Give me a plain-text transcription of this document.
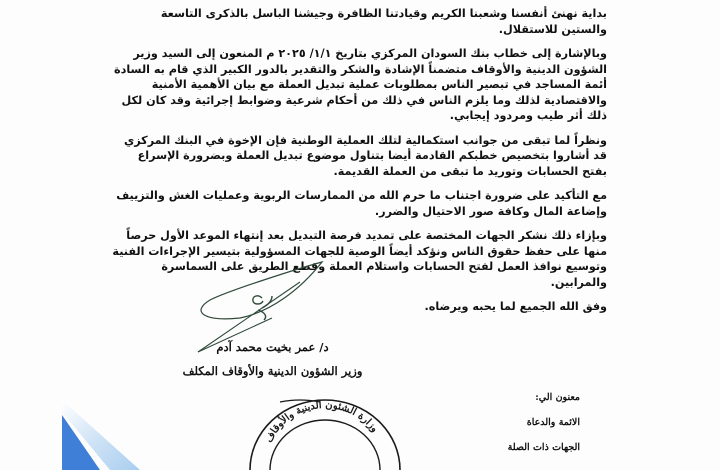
بداية نهنئ أنفسنا وشعبنا الكريم وقيادتنا الظافرة وجيشنا الباسل بالذكرى التاسعة والستين للاستقلال.

وبالإشارة إلى خطاب بنك السودان المركزي بتاريخ ١/١/ ٢٠٢٥ م المنعون إلى السيد وزير الشؤون الدينية والأوقاف متضمناً الإشادة والشكر والتقدير بالدور الكبير الذي قام به السادة أئمة المساجد في تبصير الناس بمطلوبات عملية تبديل العملة مع بيان الأهمية الأمنية والاقتصادية لذلك وما يلزم الناس في ذلك من أحكام شرعية وضوابط إجرائية وقد كان لكل ذلك أثر طيب ومردود إيجابي.

ونظراً لما تبقى من جوانب استكمالية لتلك العملية الوطنية فإن الإخوة في البنك المركزي قد أشاروا بتخصيص خطبكم القادمة أيضا بتناول موضوع تبديل العملة وبضرورة الإسراع بفتح الحسابات وتوريد ما تبقى من العملة القديمة.

مع التأكيد على ضرورة اجتناب ما حرم الله من الممارسات الربوية وعمليات الغش والتزييف وإضاعة المال وكافة صور الاحتيال والضرر.

وبإزاء ذلك نشكر الجهات المختصة على تمديد فرصة التبديل بعد إنتهاء الموعد الأول حرصاً منها على حفظ حقوق الناس ونؤكد أيضاً الوصية للجهات المسؤولية بتيسير الإجراءات الفنية وتوسيع نوافذ العمل لفتح الحسابات واستلام العملة وقطع الطريق على السماسرة والمرابين.

وفق الله الجميع لما يحبه ويرضاه.

د/ عمر بخيت محمد آدم
وزير الشؤون الدينية والأوقاف المكلف
معنون الي:
الائمة والدعاة
الجهات ذات الصلة
وزارة الشئون الدينية والأوقاف
